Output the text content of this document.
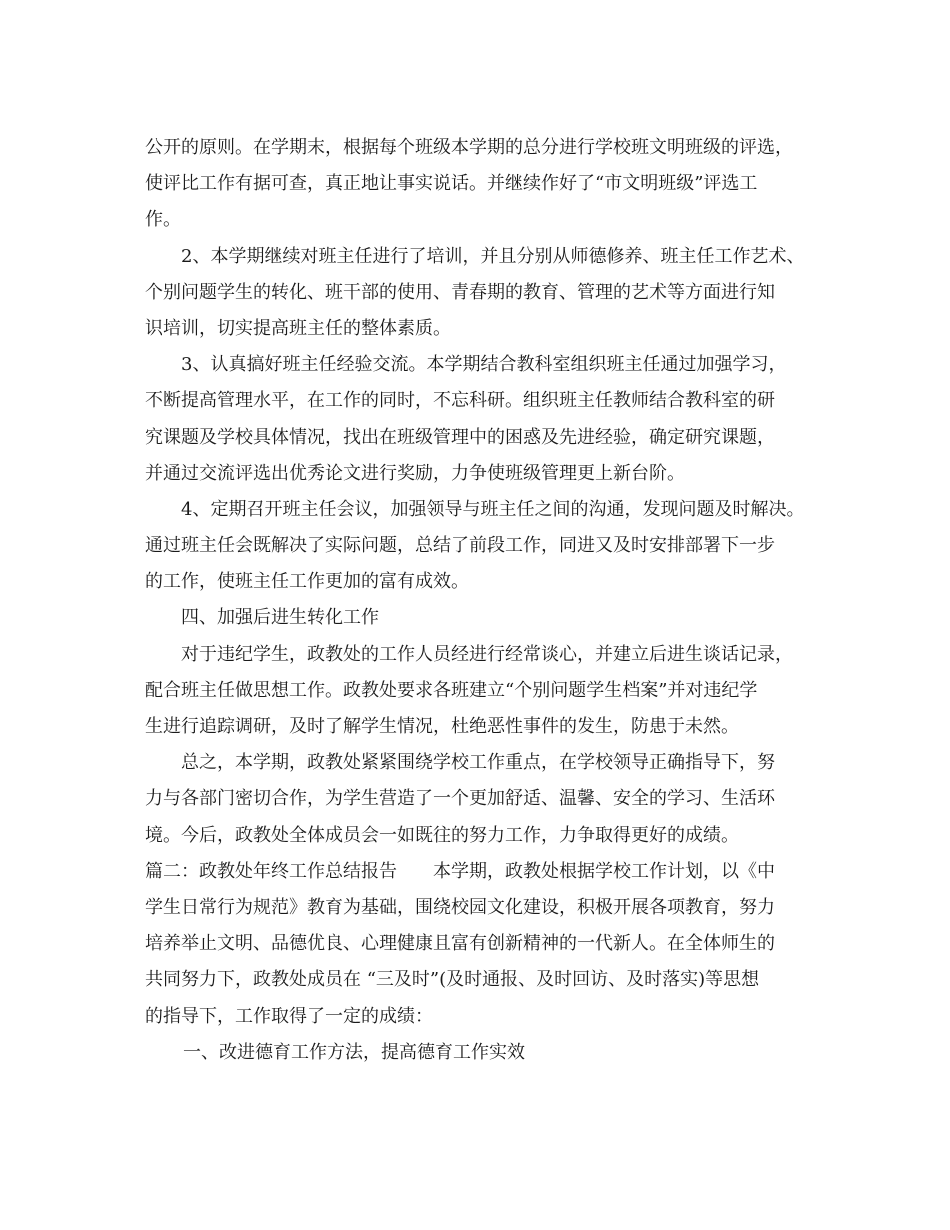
公开的原则。在学期末，根据每个班级本学期的总分进行学校班文明班级的评选，
使评比工作有据可查，真正地让事实说话。并继续作好了“市文明班级”评选工
作。
2、本学期继续对班主任进行了培训，并且分别从师德修养、班主任工作艺术、
个别问题学生的转化、班干部的使用、青春期的教育、管理的艺术等方面进行知
识培训，切实提高班主任的整体素质。
3、认真搞好班主任经验交流。本学期结合教科室组织班主任通过加强学习，
不断提高管理水平，在工作的同时，不忘科研。组织班主任教师结合教科室的研
究课题及学校具体情况，找出在班级管理中的困惑及先进经验，确定研究课题，
并通过交流评选出优秀论文进行奖励，力争使班级管理更上新台阶。
4、定期召开班主任会议，加强领导与班主任之间的沟通，发现问题及时解决。
通过班主任会既解决了实际问题，总结了前段工作，同进又及时安排部署下一步
的工作，使班主任工作更加的富有成效。
四、加强后进生转化工作
对于违纪学生，政教处的工作人员经进行经常谈心，并建立后进生谈话记录，
配合班主任做思想工作。政教处要求各班建立“个别问题学生档案”并对违纪学
生进行追踪调研，及时了解学生情况，杜绝恶性事件的发生，防患于未然。
总之，本学期，政教处紧紧围绕学校工作重点，在学校领导正确指导下，努
力与各部门密切合作，为学生营造了一个更加舒适、温馨、安全的学习、生活环
境。今后，政教处全体成员会一如既往的努力工作，力争取得更好的成绩。
篇二：政教处年终工作总结报告　　本学期，政教处根据学校工作计划，以《中
学生日常行为规范》教育为基础，围绕校园文化建设，积极开展各项教育，努力
培养举止文明、品德优良、心理健康且富有创新精神的一代新人。在全体师生的
共同努力下，政教处成员在 “三及时”(及时通报、及时回访、及时落实)等思想
的指导下，工作取得了一定的成绩：
一、改进德育工作方法，提高德育工作实效
